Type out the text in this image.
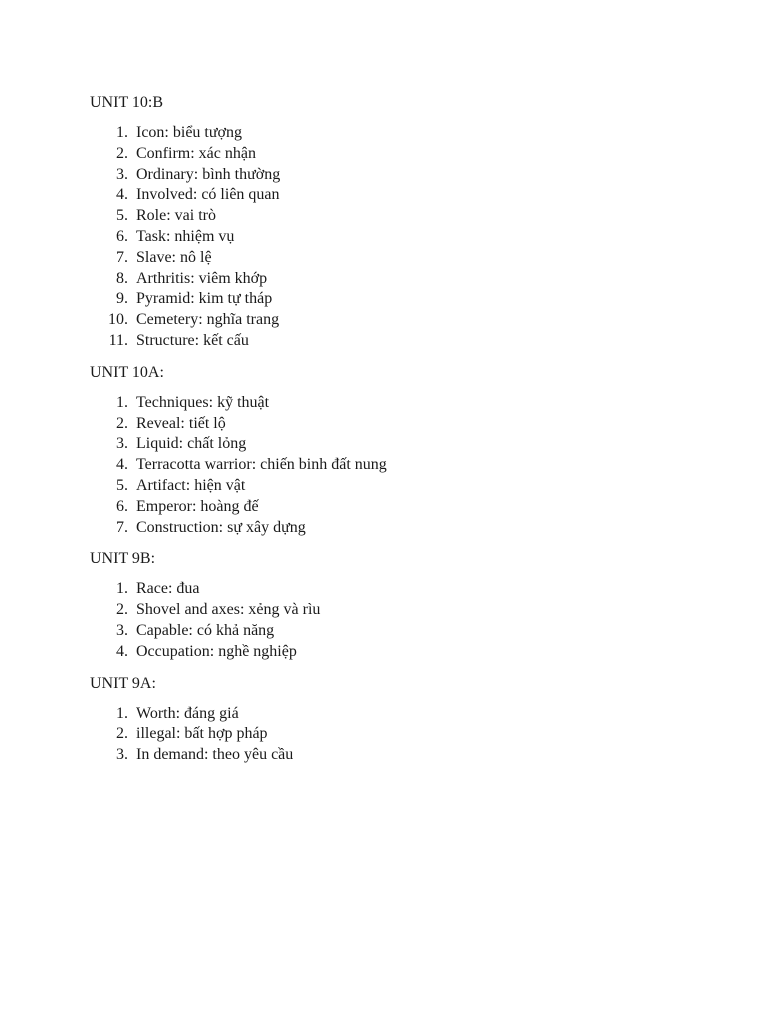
UNIT 10:B
1. Icon: biểu tượng
2. Confirm: xác nhận
3. Ordinary: bình thường
4. Involved: có liên quan
5. Role: vai trò
6. Task: nhiệm vụ
7. Slave: nô lệ
8. Arthritis: viêm khớp
9. Pyramid: kim tự tháp
10. Cemetery: nghĩa trang
11. Structure: kết cấu
UNIT 10A:
1. Techniques: kỹ thuật
2. Reveal: tiết lộ
3. Liquid: chất lỏng
4. Terracotta warrior: chiến binh đất nung
5. Artifact: hiện vật
6. Emperor: hoàng đế
7. Construction: sự xây dựng
UNIT 9B:
1. Race: đua
2. Shovel and axes: xẻng và rìu
3. Capable: có khả năng
4. Occupation: nghề nghiệp
UNIT 9A:
1. Worth: đáng giá
2. illegal: bất hợp pháp
3. In demand: theo yêu cầu
